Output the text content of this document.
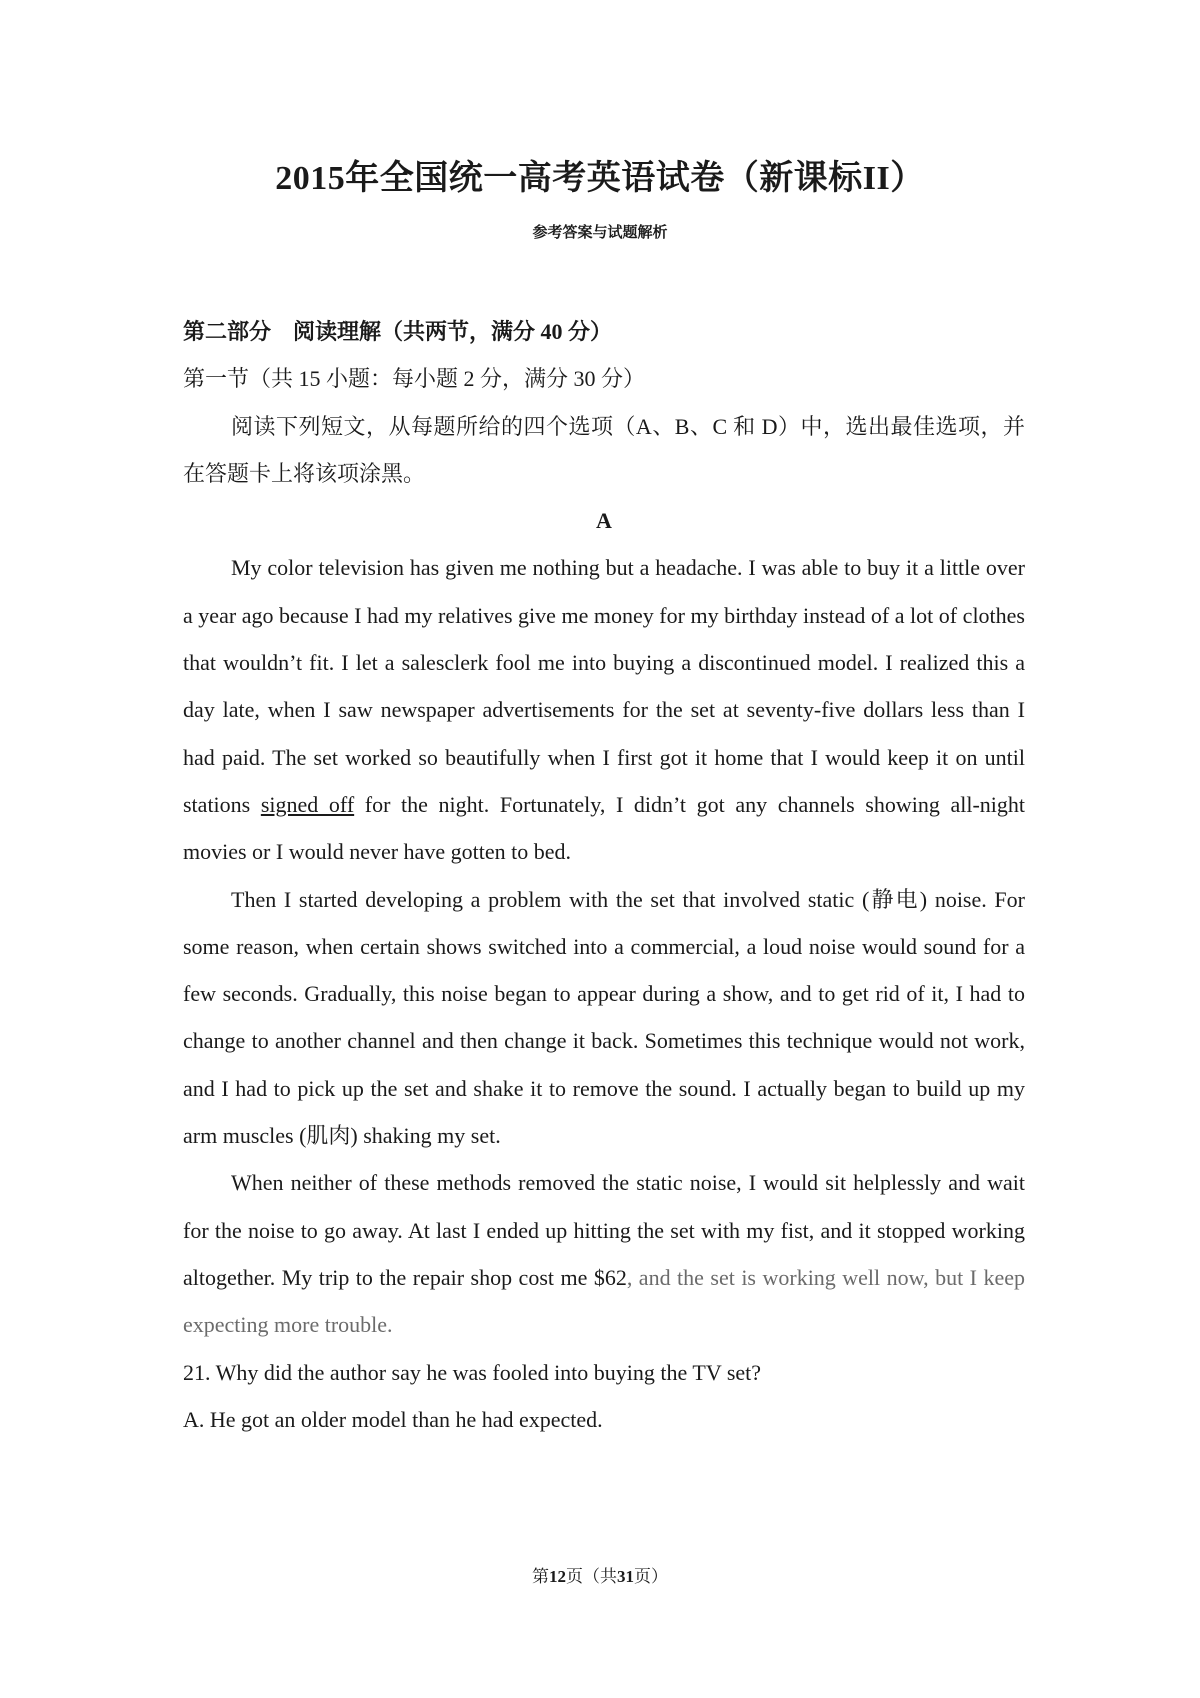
2015年全国统一高考英语试卷（新课标II）
参考答案与试题解析

第二部分　阅读理解（共两节，满分 40 分）

第一节（共 15 小题：每小题 2 分，满分 30 分）

阅读下列短文，从每题所给的四个选项（A、B、C 和 D）中，选出最佳选项，并在答题卡上将该项涂黑。

A

My color television has given me nothing but a headache. I was able to buy it a little over a year ago because I had my relatives give me money for my birthday instead of a lot of clothes that wouldn’t fit. I let a salesclerk fool me into buying a discontinued model. I realized this a day late, when I saw newspaper advertisements for the set at seventy-five dollars less than I had paid. The set worked so beautifully when I first got it home that I would keep it on until stations signed off for the night. Fortunately, I didn’t got any channels showing all-night movies or I would never have gotten to bed.

Then I started developing a problem with the set that involved static (静电) noise. For some reason, when certain shows switched into a commercial, a loud noise would sound for a few seconds. Gradually, this noise began to appear during a show, and to get rid of it, I had to change to another channel and then change it back. Sometimes this technique would not work, and I had to pick up the set and shake it to remove the sound. I actually began to build up my arm muscles (肌肉) shaking my set.

When neither of these methods removed the static noise, I would sit helplessly and wait for the noise to go away. At last I ended up hitting the set with my fist, and it stopped working altogether. My trip to the repair shop cost me $62, and the set is working well now, but I keep expecting more trouble.

21. Why did the author say he was fooled into buying the TV set?

A. He got an older model than he had expected.

第12页（共31页）
